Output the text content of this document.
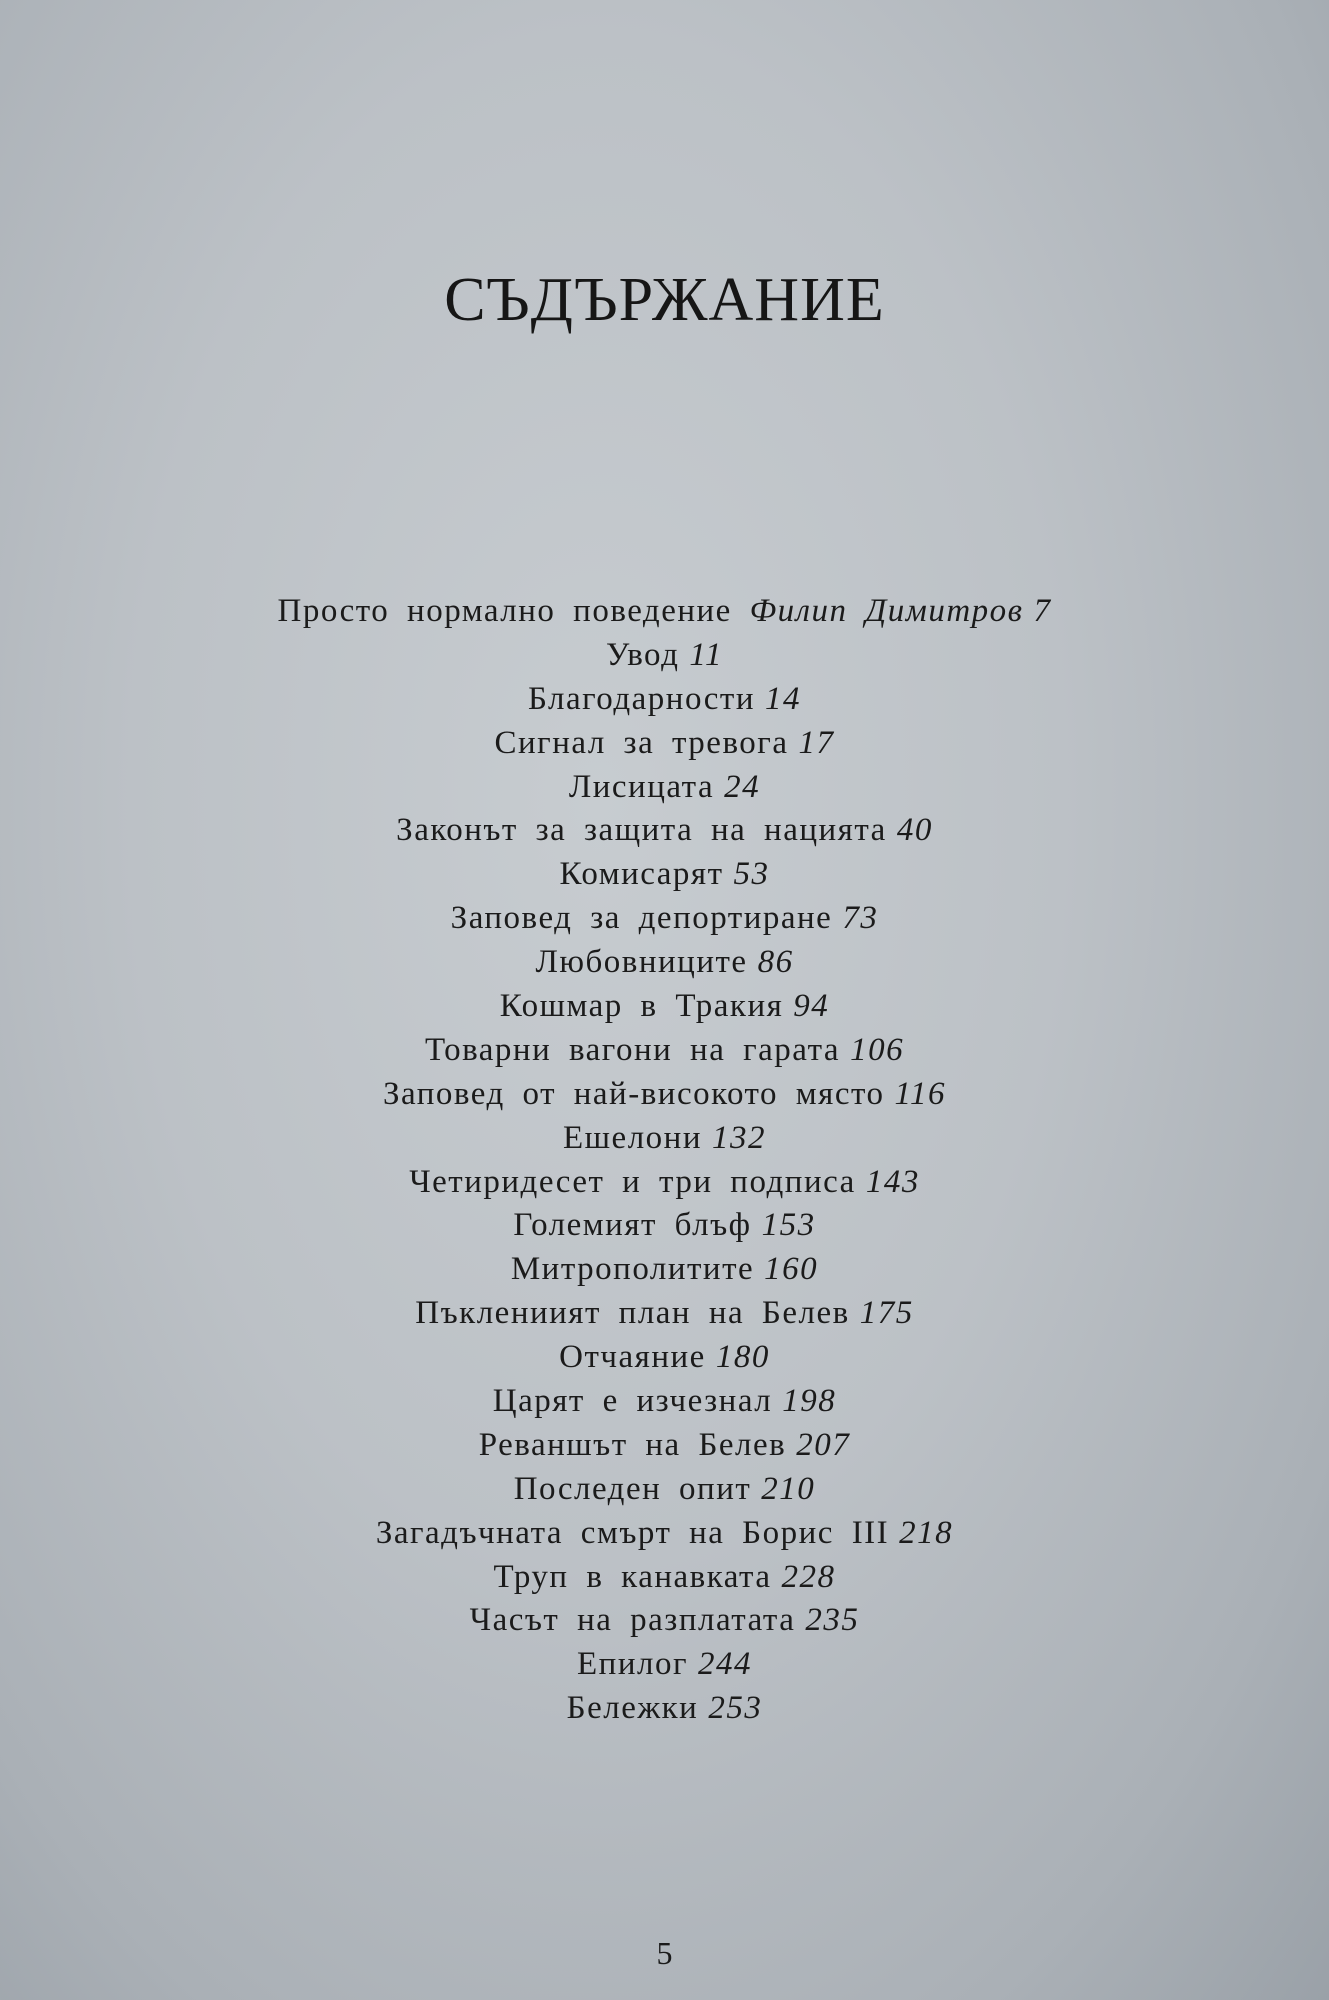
СЪДЪРЖАНИЕ
Просто нормално поведение Филип Димитров 7
Увод 11
Благодарности 14
Сигнал за тревога 17
Лисицата 24
Законът за защита на нацията 40
Комисарят 53
Заповед за депортиране 73
Любовниците 86
Кошмар в Тракия 94
Товарни вагони на гарата 106
Заповед от най-високото място 116
Ешелони 132
Четиридесет и три подписа 143
Големият блъф 153
Митрополитите 160
Пъклениият план на Белев 175
Отчаяние 180
Царят е изчезнал 198
Реваншът на Белев 207
Последен опит 210
Загадъчната смърт на Борис III 218
Труп в канавката 228
Часът на разплатата 235
Епилог 244
Бележки 253
5
